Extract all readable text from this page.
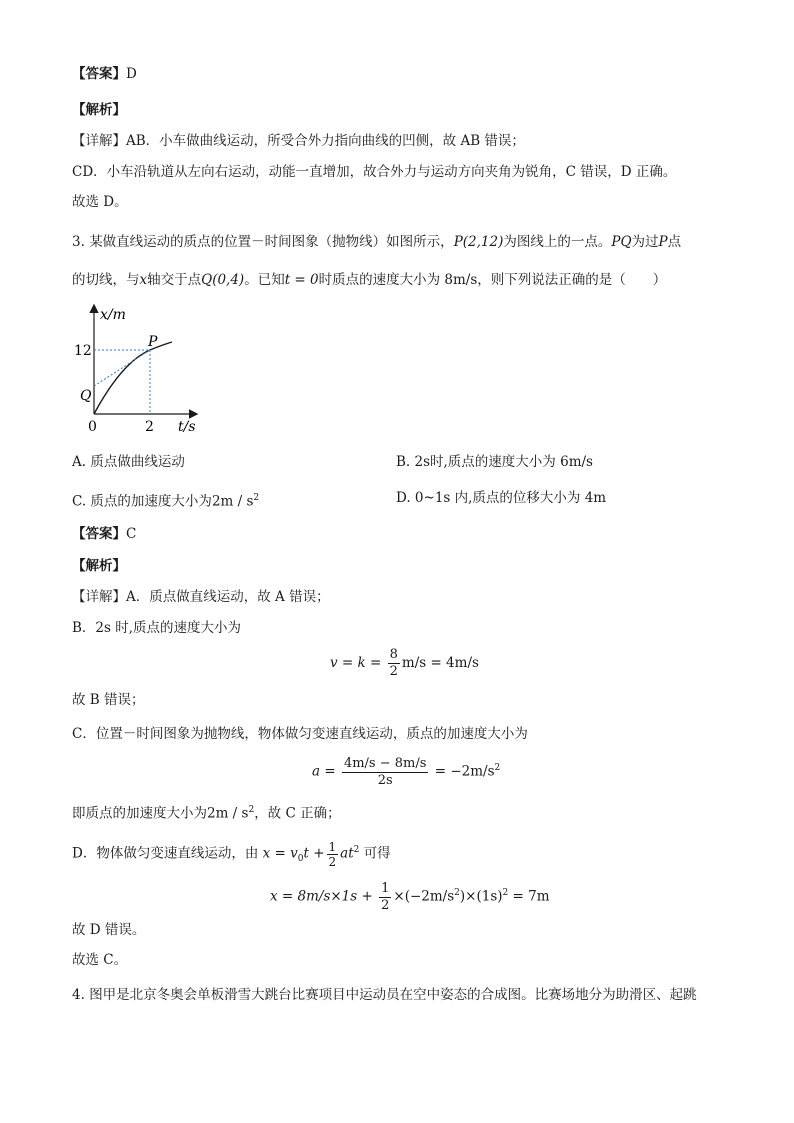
【答案】D
【解析】
【详解】AB．小车做曲线运动，所受合外力指向曲线的凹侧，故 AB 错误；
CD．小车沿轨道从左向右运动，动能一直增加，故合外力与运动方向夹角为锐角，C 错误，D 正确。
故选 D。
3. 某做直线运动的质点的位置－时间图象（抛物线）如图所示，P(2,12)为图线上的一点。PQ为过P点
的切线，与x轴交于点Q(0,4)。已知t = 0时质点的速度大小为 8m/s，则下列说法正确的是（　　）
x/m
t/s
0
12
2
P
Q
A. 质点做曲线运动	B. 2s时,质点的速度大小为 6m/s
C. 质点的加速度大小为$2m / s^2$	D. 0~1s 内,质点的位移大小为 4m
【答案】C
【解析】
【详解】A．质点做直线运动，故 A 错误；
B．2s 时,质点的速度大小为
$v = k = \frac{8}{2} m/s = 4m/s$
故 B 错误；
C．位置－时间图象为抛物线，物体做匀变速直线运动，质点的加速度大小为
$a = \frac{4m/s - 8m/s}{2s} = -2m/s^2$
即质点的加速度大小为$2m / s^2$，故 C 正确；
D．物体做匀变速直线运动，由 $x = v_0t + \frac{1}{2} at^2$ 可得
$x = 8m/s\times 1s + \frac{1}{2} \times(-2m/s^2)\times(1s)^2 = 7m$
故 D 错误。
故选 C。
4. 图甲是北京冬奥会单板滑雪大跳台比赛项目中运动员在空中姿态的合成图。比赛场地分为助滑区、起跳
